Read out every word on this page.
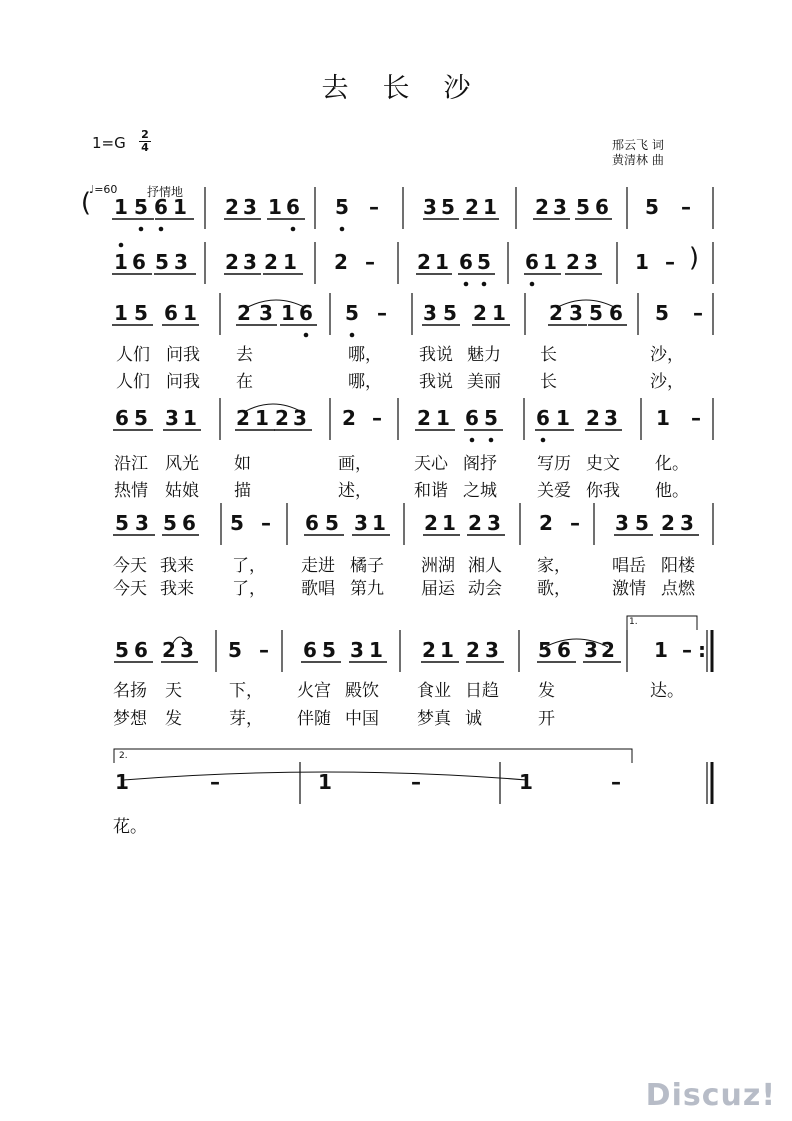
去长沙
1=G 2
4	邢云飞 词
黄清林 曲
♩=60 抒情地
( 1 5 6 1 2 3 1 6 5 – 3 5 2 1 2 3 5 6 5 –
1 6 5 3 2 3 2 1 2 – 2 1 6 5 6 1 2 3 1 – )
1 5 6 1 2 3 1 6 5 – 3 5 2 1 2 3 5 6 5 –
人们 问我 去	哪， 我说 魅力 长	沙，
人们 问我 在	哪， 我说 美丽 长	沙，
6 5 3 1 2 1 2 3 2 – 2 1 6 5 6 1 2 3 1 –
沿江 风光 如	画， 天心 阁抒 写历 史文 化。
热情 姑娘 描	述， 和谐 之城 关爱 你我 他。
5 3 5 6 5 – 6 5 3 1 2 1 2 3 2 – 3 5 2 3
今天 我来 了， 走进 橘子 洲湖 湘人 家， 唱岳 阳楼
今天 我来 了， 歌唱 第九 届运 动会 歌， 激情 点燃
5 6 2 3 5 – 6 5 3 1 2 1 2 3 5 6 3 2 1 – :
名扬 天	下， 火宫 殿饮 食业 日趋 发	达。
梦想 发	芽， 伴随 中国 梦真 诚	开
1	–	1	–	1	–
花。
1.
2.
Discuz!
